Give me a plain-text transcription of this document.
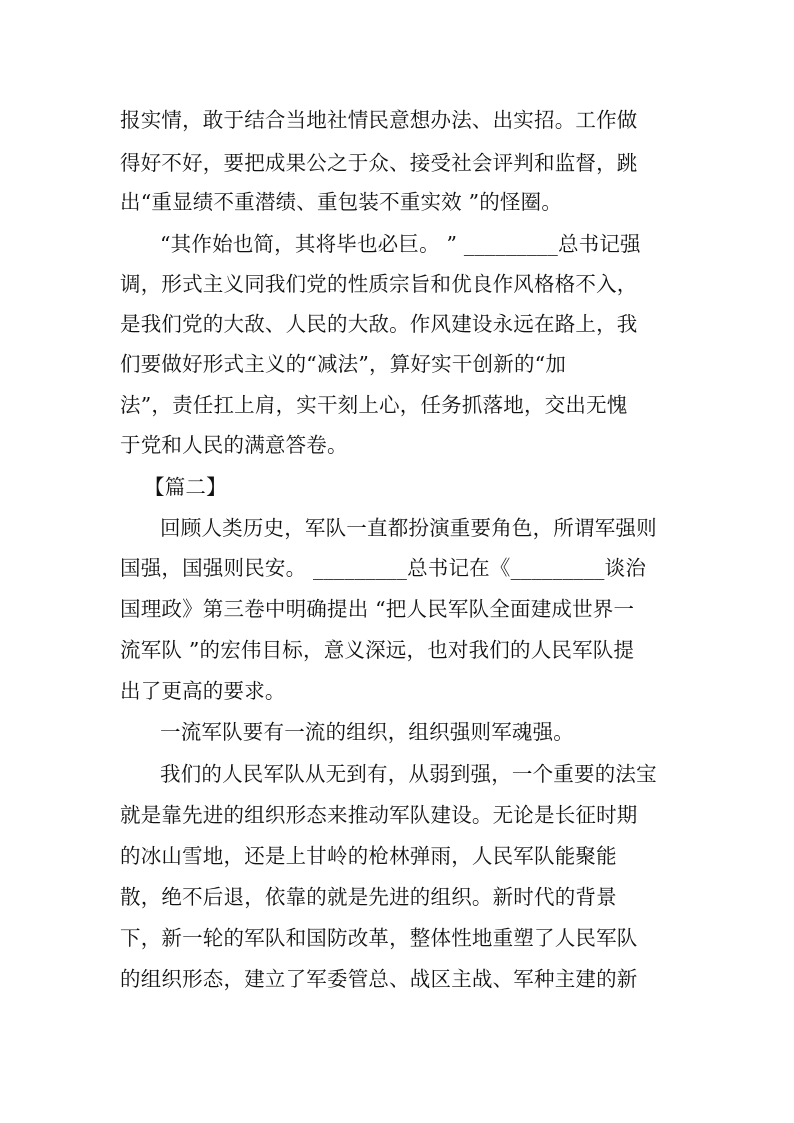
报实情，敢于结合当地社情民意想办法、出实招。工作做
得好不好，要把成果公之于众、接受社会评判和监督，跳
出“重显绩不重潜绩、重包装不重实效 ”的怪圈。
“其作始也简，其将毕也必巨。 ” _________总书记强
调，形式主义同我们党的性质宗旨和优良作风格格不入，
是我们党的大敌、人民的大敌。作风建设永远在路上，我
们要做好形式主义的“减法”，算好实干创新的“加
法”，责任扛上肩，实干刻上心，任务抓落地，交出无愧
于党和人民的满意答卷。
【篇二】
回顾人类历史，军队一直都扮演重要角色，所谓军强则
国强，国强则民安。 _________总书记在《_________谈治
国理政》第三卷中明确提出 “把人民军队全面建成世界一
流军队 ”的宏伟目标，意义深远，也对我们的人民军队提
出了更高的要求。
一流军队要有一流的组织，组织强则军魂强。
我们的人民军队从无到有，从弱到强，一个重要的法宝
就是靠先进的组织形态来推动军队建设。无论是长征时期
的冰山雪地，还是上甘岭的枪林弹雨，人民军队能聚能
散，绝不后退，依靠的就是先进的组织。新时代的背景
下，新一轮的军队和国防改革，整体性地重塑了人民军队
的组织形态，建立了军委管总、战区主战、军种主建的新
